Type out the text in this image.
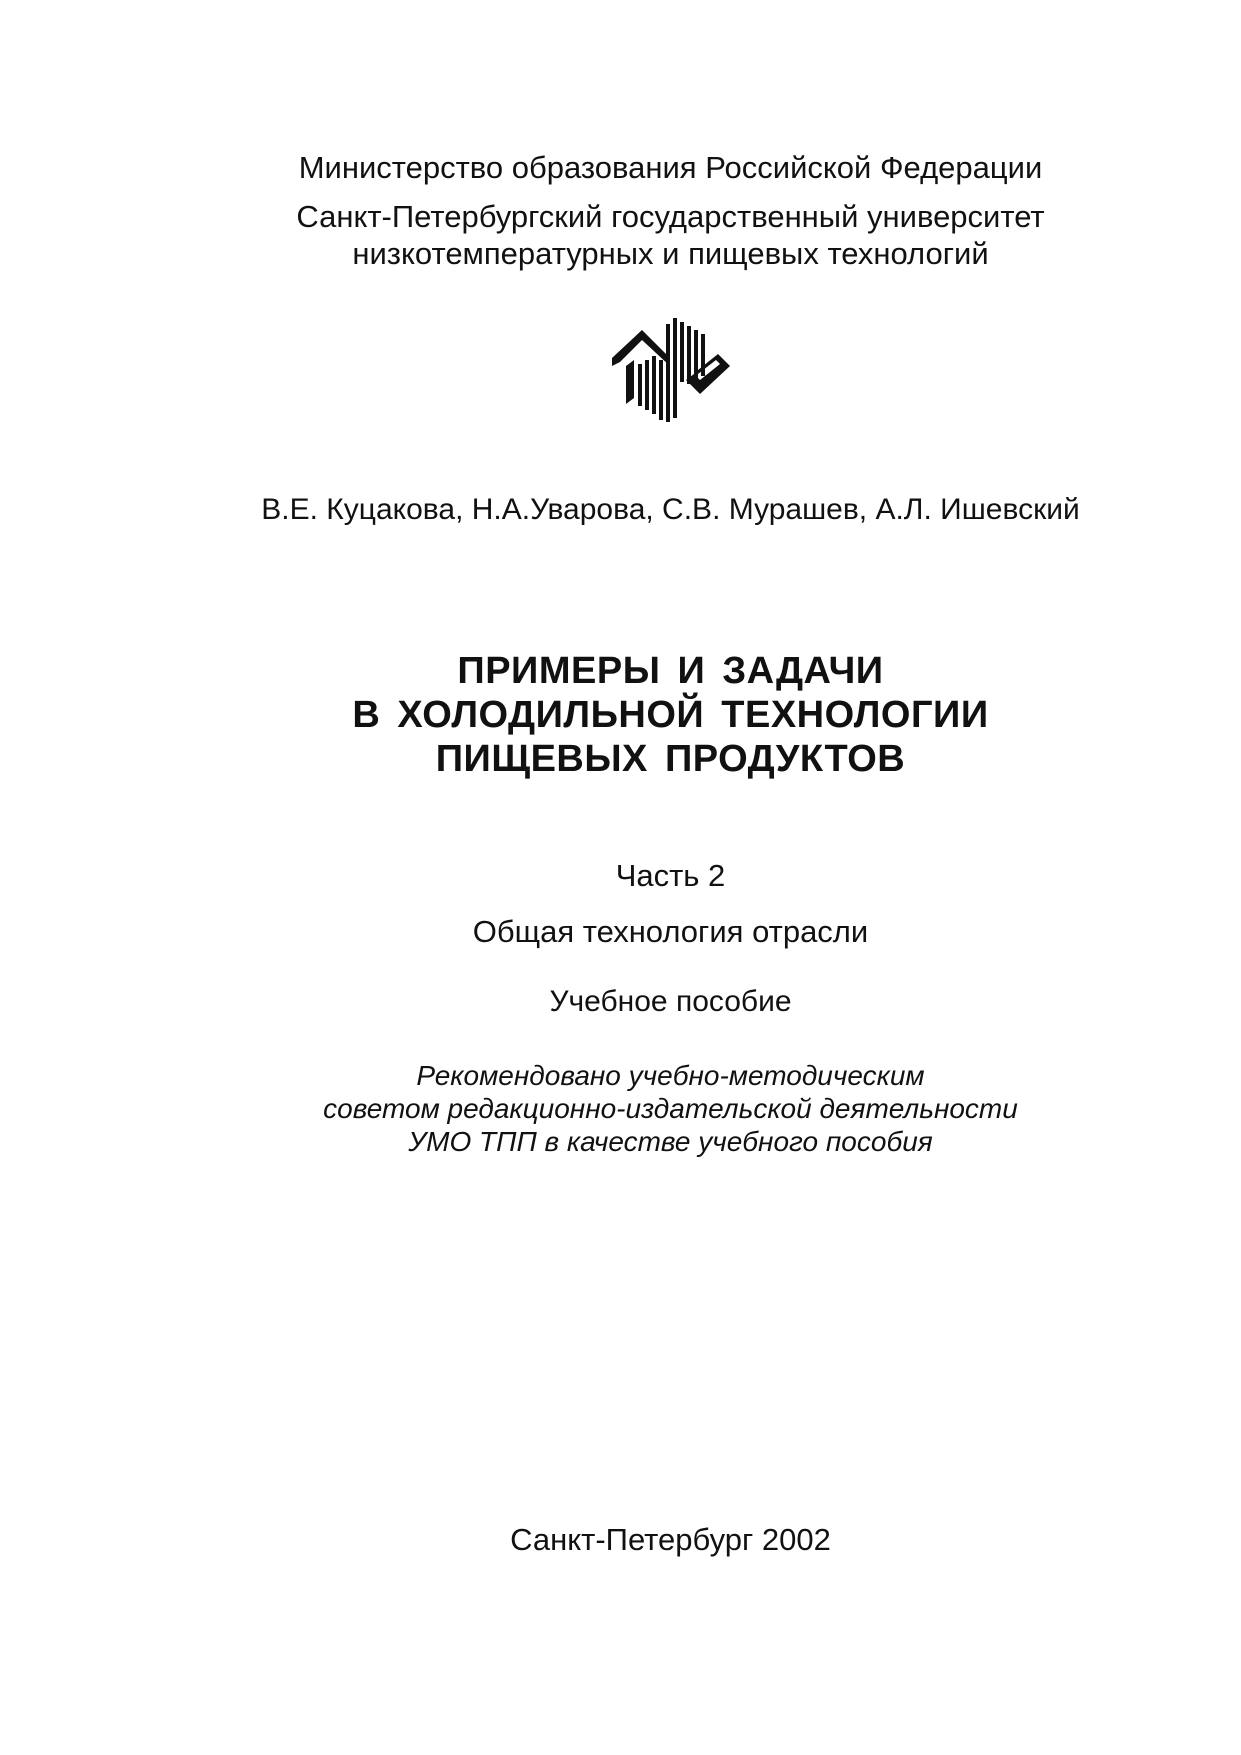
Министерство образования Российской Федерации
Санкт-Петербургский государственный университет
низкотемпературных и пищевых технологий
В.Е. Куцакова, Н.А.Уварова, С.В. Мурашев, А.Л. Ишевский
ПРИМЕРЫ И ЗАДАЧИ
В ХОЛОДИЛЬНОЙ ТЕХНОЛОГИИ
ПИЩЕВЫХ ПРОДУКТОВ
Часть 2
Общая технология отрасли
Учебное пособие
Рекомендовано учебно-методическим
советом редакционно-издательской деятельности
УМО ТПП в качестве учебного пособия
Санкт-Петербург 2002
